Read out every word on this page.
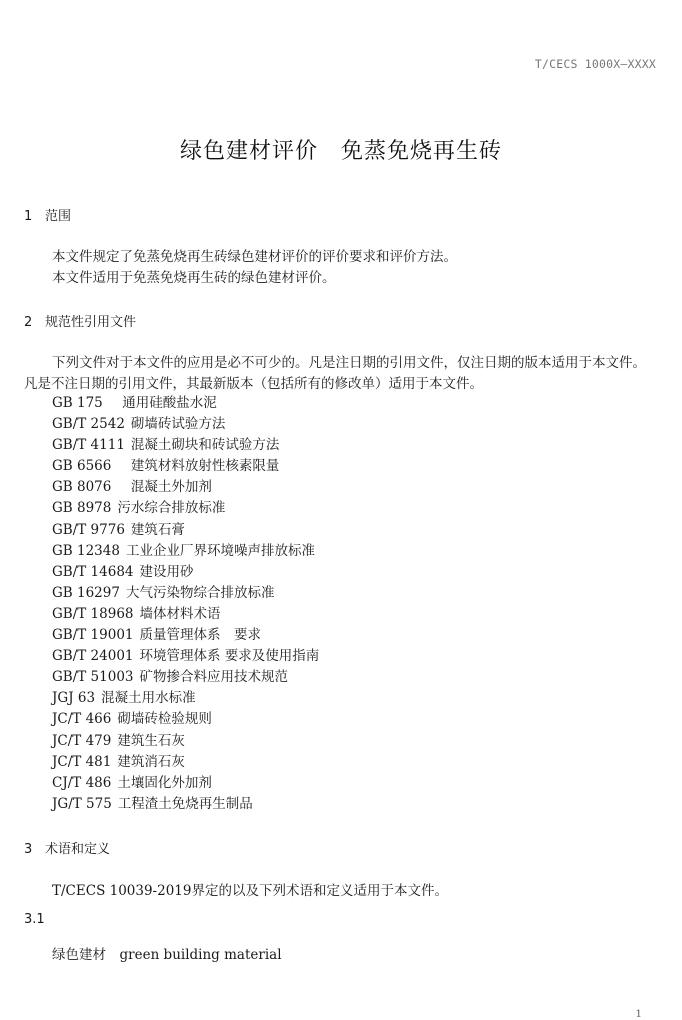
T/CECS 1000X—XXXX
绿色建材评价　免蒸免烧再生砖
1 范围
本文件规定了免蒸免烧再生砖绿色建材评价的评价要求和评价方法。
本文件适用于免蒸免烧再生砖的绿色建材评价。
2 规范性引用文件
下列文件对于本文件的应用是必不可少的。凡是注日期的引用文件，仅注日期的版本适用于本文件。
凡是不注日期的引用文件，其最新版本（包括所有的修改单）适用于本文件。
GB 175　通用硅酸盐水泥
GB/T 2542 砌墙砖试验方法
GB/T 4111 混凝土砌块和砖试验方法
GB 6566　建筑材料放射性核素限量
GB 8076　混凝土外加剂
GB 8978 污水综合排放标准
GB/T 9776 建筑石膏
GB 12348 工业企业厂界环境噪声排放标准
GB/T 14684 建设用砂
GB 16297 大气污染物综合排放标准
GB/T 18968 墙体材料术语
GB/T 19001 质量管理体系　要求
GB/T 24001 环境管理体系 要求及使用指南
GB/T 51003 矿物掺合料应用技术规范
JGJ 63 混凝土用水标准
JC/T 466 砌墙砖检验规则
JC/T 479 建筑生石灰
JC/T 481 建筑消石灰
CJ/T 486 土壤固化外加剂
JG/T 575 工程渣土免烧再生制品
3 术语和定义
T/CECS 10039-2019界定的以及下列术语和定义适用于本文件。
3.1
绿色建材　green building material
1
